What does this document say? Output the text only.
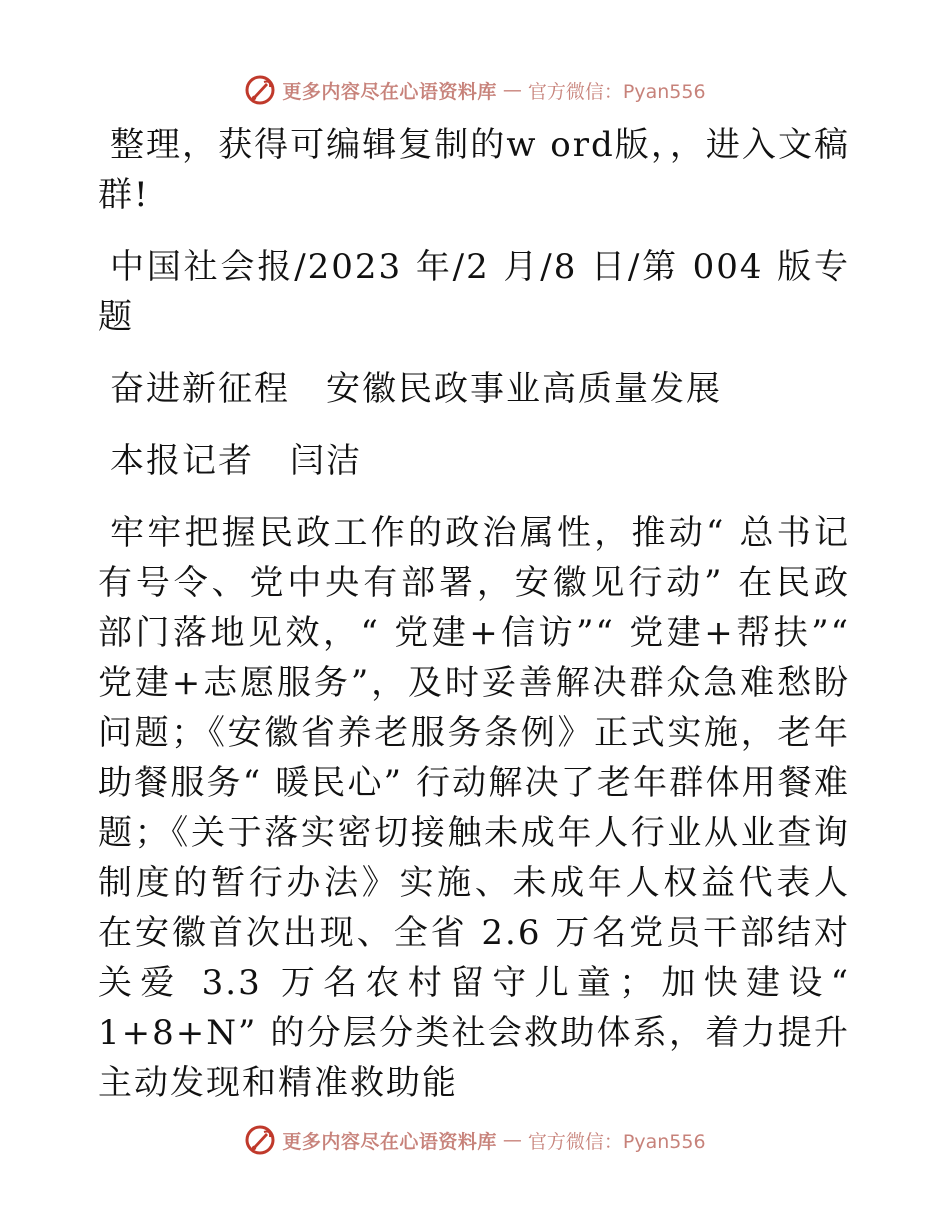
更多内容尽在心语资料库 — 官方微信：Pyan556

整理，获得可编辑复制的w ord版，，进入文稿群!

中国社会报/2023 年/2 月/8 日/第 004 版专题

奋进新征程　安徽民政事业高质量发展

本报记者　闫洁

牢牢把握民政工作的政治属性，推动“ 总书记有号令、党中央有部署，安徽见行动” 在民政部门落地见效，“ 党建+信访”“ 党建+帮扶”“ 党建+志愿服务”，及时妥善解决群众急难愁盼问题；《安徽省养老服务条例》正式实施，老年助餐服务“ 暖民心” 行动解决了老年群体用餐难题；《关于落实密切接触未成年人行业从业查询制度的暂行办法》实施、未成年人权益代表人在安徽首次出现、全省 2.6 万名党员干部结对关爱 3.3 万名农村留守儿童；加快建设“ 1+8+N” 的分层分类社会救助体系，着力提升主动发现和精准救助能

更多内容尽在心语资料库 — 官方微信：Pyan556
